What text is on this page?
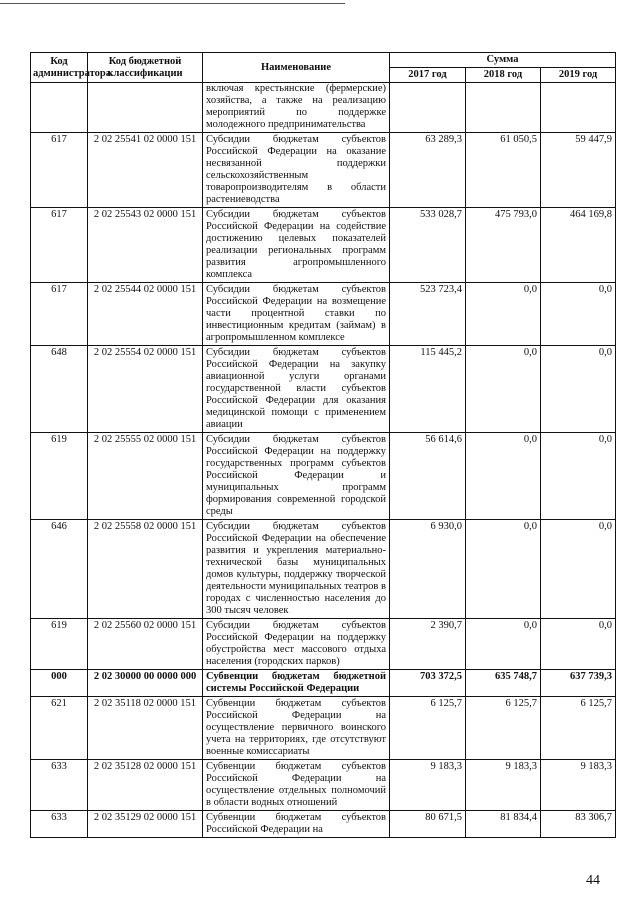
Код администратора	Код бюджетной классификации	Наименование	Сумма		
			2017 год	2018 год	2019 год
		включая крестьянские (фермерские) хозяйства, а также на реализацию мероприятий по поддержке молодежного предпринимательства			
617	2 02 25541 02 0000 151	Субсидии бюджетам субъектов Российской Федерации на оказание несвязанной поддержки сельскохозяйственным товаропроизводителям в области растениеводства	63 289,3	61 050,5	59 447,9
617	2 02 25543 02 0000 151	Субсидии бюджетам субъектов Российской Федерации на содействие достижению целевых показателей реализации региональных программ развития агропромышленного комплекса	533 028,7	475 793,0	464 169,8
617	2 02 25544 02 0000 151	Субсидии бюджетам субъектов Российской Федерации на возмещение части процентной ставки по инвестиционным кредитам (займам) в агропромышленном комплексе	523 723,4	0,0	0,0
648	2 02 25554 02 0000 151	Субсидии бюджетам субъектов Российской Федерации на закупку авиационной услуги органами государственной власти субъектов Российской Федерации для оказания медицинской помощи с применением авиации	115 445,2	0,0	0,0
619	2 02 25555 02 0000 151	Субсидии бюджетам субъектов Российской Федерации на поддержку государственных программ субъектов Российской Федерации и муниципальных программ формирования современной городской среды	56 614,6	0,0	0,0
646	2 02 25558 02 0000 151	Субсидии бюджетам субъектов Российской Федерации на обеспечение развития и укрепления материально-технической базы муниципальных домов культуры, поддержку творческой деятельности муниципальных театров в городах с численностью населения до 300 тысяч человек	6 930,0	0,0	0,0
619	2 02 25560 02 0000 151	Субсидии бюджетам субъектов Российской Федерации на поддержку обустройства мест массового отдыха населения (городских парков)	2 390,7	0,0	0,0
000	2 02 30000 00 0000 000	Субвенции бюджетам бюджетной системы Российской Федерации	703 372,5	635 748,7	637 739,3
621	2 02 35118 02 0000 151	Субвенции бюджетам субъектов Российской Федерации на осуществление первичного воинского учета на территориях, где отсутствуют военные комиссариаты	6 125,7	6 125,7	6 125,7
633	2 02 35128 02 0000 151	Субвенции бюджетам субъектов Российской Федерации на осуществление отдельных полномочий в области водных отношений	9 183,3	9 183,3	9 183,3
633	2 02 35129 02 0000 151	Субвенции бюджетам субъектов Российской Федерации на	80 671,5	81 834,4	83 306,7
44
